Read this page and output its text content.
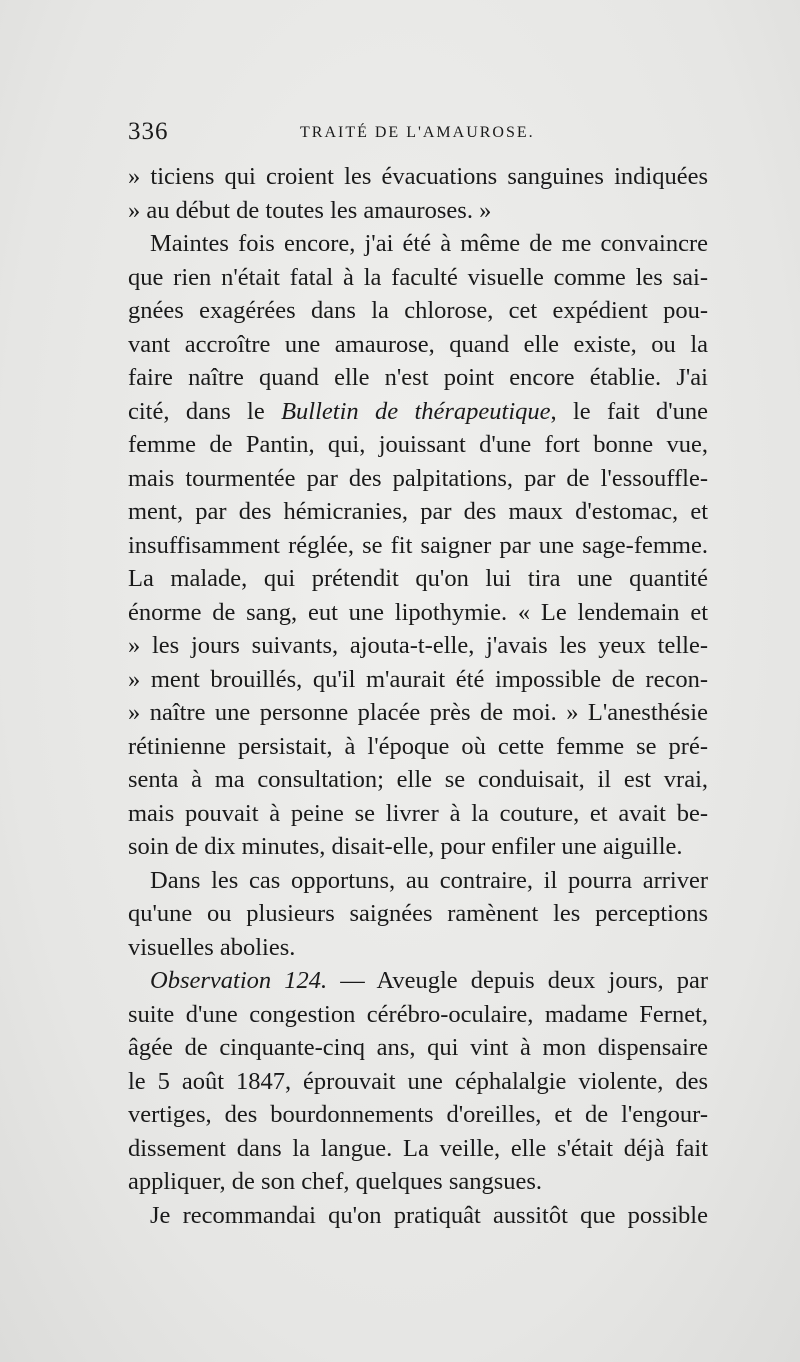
336	TRAITÉ DE L'AMAUROSE.
» ticiens qui croient les évacuations sanguines indiquées
» au début de toutes les amauroses. »
Maintes fois encore, j'ai été à même de me convaincre
que rien n'était fatal à la faculté visuelle comme les sai-
gnées exagérées dans la chlorose, cet expédient pou-
vant accroître une amaurose, quand elle existe, ou la
faire naître quand elle n'est point encore établie. J'ai
cité, dans le Bulletin de thérapeutique, le fait d'une
femme de Pantin, qui, jouissant d'une fort bonne vue,
mais tourmentée par des palpitations, par de l'essouffle-
ment, par des hémicranies, par des maux d'estomac, et
insuffisamment réglée, se fit saigner par une sage-femme.
La malade, qui prétendit qu'on lui tira une quantité
énorme de sang, eut une lipothymie. « Le lendemain et
» les jours suivants, ajouta-t-elle, j'avais les yeux telle-
» ment brouillés, qu'il m'aurait été impossible de recon-
» naître une personne placée près de moi. » L'anesthésie
rétinienne persistait, à l'époque où cette femme se pré-
senta à ma consultation; elle se conduisait, il est vrai,
mais pouvait à peine se livrer à la couture, et avait be-
soin de dix minutes, disait-elle, pour enfiler une aiguille.
Dans les cas opportuns, au contraire, il pourra arriver
qu'une ou plusieurs saignées ramènent les perceptions
visuelles abolies.
Observation 124. — Aveugle depuis deux jours, par
suite d'une congestion cérébro-oculaire, madame Fernet,
âgée de cinquante-cinq ans, qui vint à mon dispensaire
le 5 août 1847, éprouvait une céphalalgie violente, des
vertiges, des bourdonnements d'oreilles, et de l'engour-
dissement dans la langue. La veille, elle s'était déjà fait
appliquer, de son chef, quelques sangsues.
Je recommandai qu'on pratiquât aussitôt que possible
